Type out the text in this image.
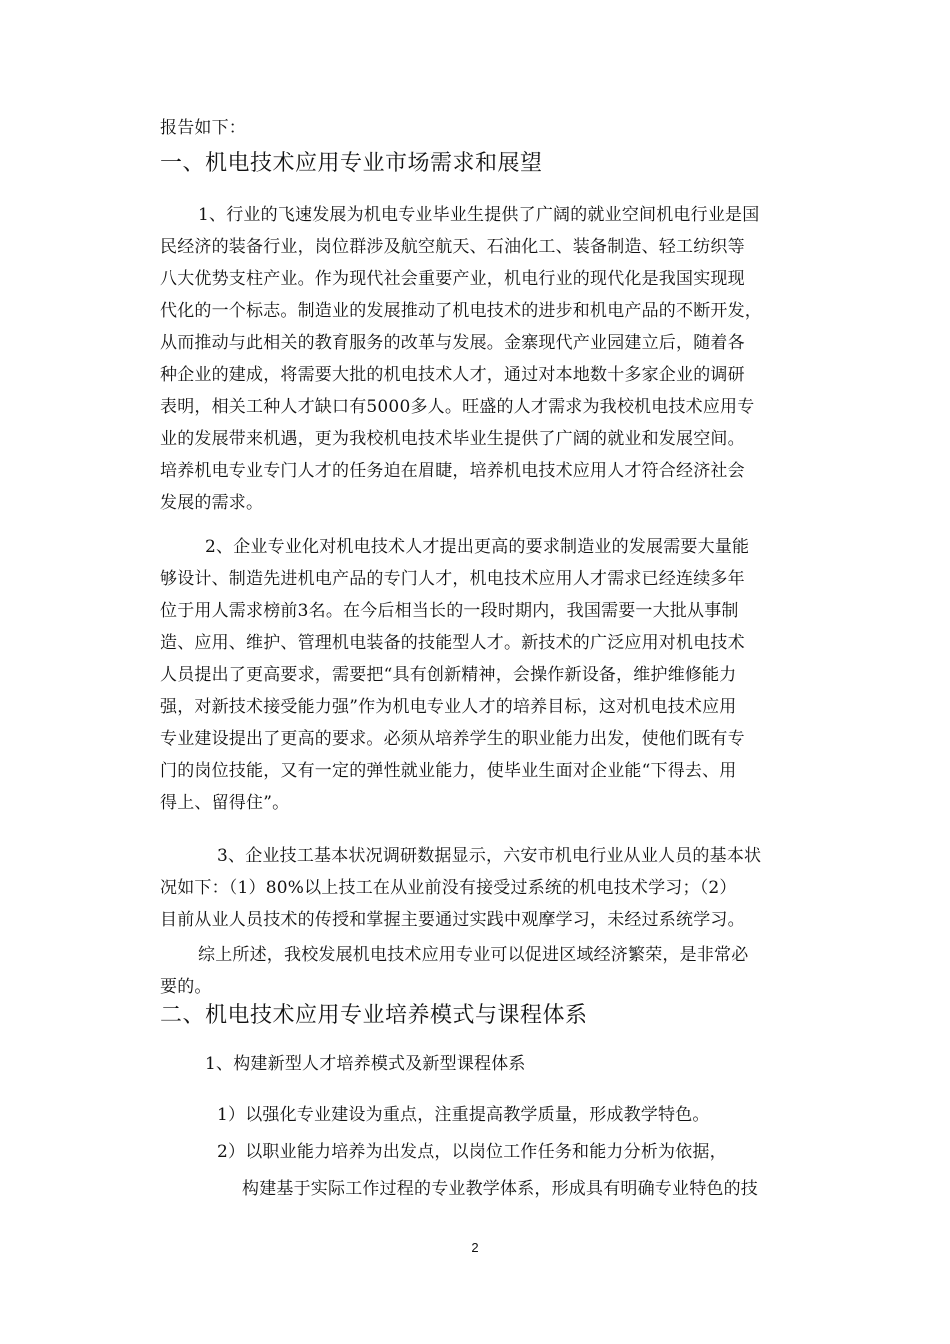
报告如下：
一、机电技术应用专业市场需求和展望
1、行业的飞速发展为机电专业毕业生提供了广阔的就业空间机电行业是国
民经济的装备行业，岗位群涉及航空航天、石油化工、装备制造、轻工纺织等
八大优势支柱产业。作为现代社会重要产业，机电行业的现代化是我国实现现
代化的一个标志。制造业的发展推动了机电技术的进步和机电产品的不断开发，
从而推动与此相关的教育服务的改革与发展。金寨现代产业园建立后，随着各
种企业的建成，将需要大批的机电技术人才，通过对本地数十多家企业的调研
表明，相关工种人才缺口有5000多人。旺盛的人才需求为我校机电技术应用专
业的发展带来机遇，更为我校机电技术毕业生提供了广阔的就业和发展空间。
培养机电专业专门人才的任务迫在眉睫，培养机电技术应用人才符合经济社会
发展的需求。
2、企业专业化对机电技术人才提出更高的要求制造业的发展需要大量能
够设计、制造先进机电产品的专门人才，机电技术应用人才需求已经连续多年
位于用人需求榜前3名。在今后相当长的一段时期内，我国需要一大批从事制
造、应用、维护、管理机电装备的技能型人才。新技术的广泛应用对机电技术
人员提出了更高要求，需要把“具有创新精神，会操作新设备，维护维修能力
强，对新技术接受能力强”作为机电专业人才的培养目标，这对机电技术应用
专业建设提出了更高的要求。必须从培养学生的职业能力出发，使他们既有专
门的岗位技能，又有一定的弹性就业能力，使毕业生面对企业能“下得去、用
得上、留得住”。
3、企业技工基本状况调研数据显示，六安市机电行业从业人员的基本状
况如下：（1）80%以上技工在从业前没有接受过系统的机电技术学习；（2）
目前从业人员技术的传授和掌握主要通过实践中观摩学习，未经过系统学习。
综上所述，我校发展机电技术应用专业可以促进区域经济繁荣，是非常必
要的。
二、机电技术应用专业培养模式与课程体系
1、构建新型人才培养模式及新型课程体系
1）以强化专业建设为重点，注重提高教学质量，形成教学特色。
2）以职业能力培养为出发点，以岗位工作任务和能力分析为依据，
构建基于实际工作过程的专业教学体系，形成具有明确专业特色的技
2
